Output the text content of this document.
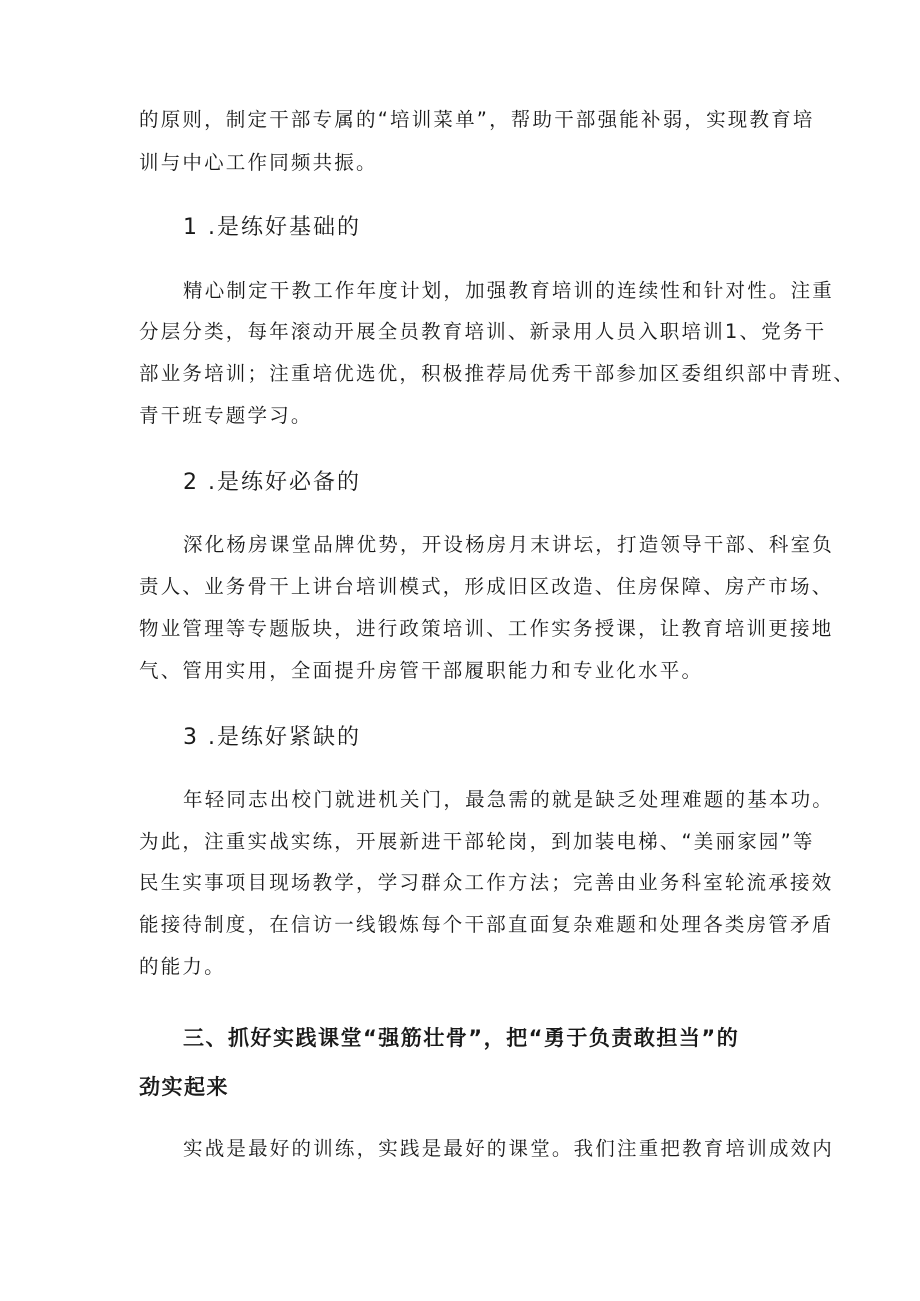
的原则，制定干部专属的“培训菜单”，帮助干部强能补弱，实现教育培
训与中心工作同频共振。
1 .是练好基础的
精心制定干教工作年度计划，加强教育培训的连续性和针对性。注重
分层分类，每年滚动开展全员教育培训、新录用人员入职培训1、党务干
部业务培训；注重培优选优，积极推荐局优秀干部参加区委组织部中青班、
青干班专题学习。
2 .是练好必备的
深化杨房课堂品牌优势，开设杨房月末讲坛，打造领导干部、科室负
责人、业务骨干上讲台培训模式，形成旧区改造、住房保障、房产市场、
物业管理等专题版块，进行政策培训、工作实务授课，让教育培训更接地
气、管用实用，全面提升房管干部履职能力和专业化水平。
3 .是练好紧缺的
年轻同志出校门就进机关门，最急需的就是缺乏处理难题的基本功。
为此，注重实战实练，开展新进干部轮岗，到加装电梯、“美丽家园”等
民生实事项目现场教学，学习群众工作方法；完善由业务科室轮流承接效
能接待制度，在信访一线锻炼每个干部直面复杂难题和处理各类房管矛盾
的能力。
三、抓好实践课堂“强筋壮骨”，把“勇于负责敢担当”的
劲实起来
实战是最好的训练，实践是最好的课堂。我们注重把教育培训成效内
